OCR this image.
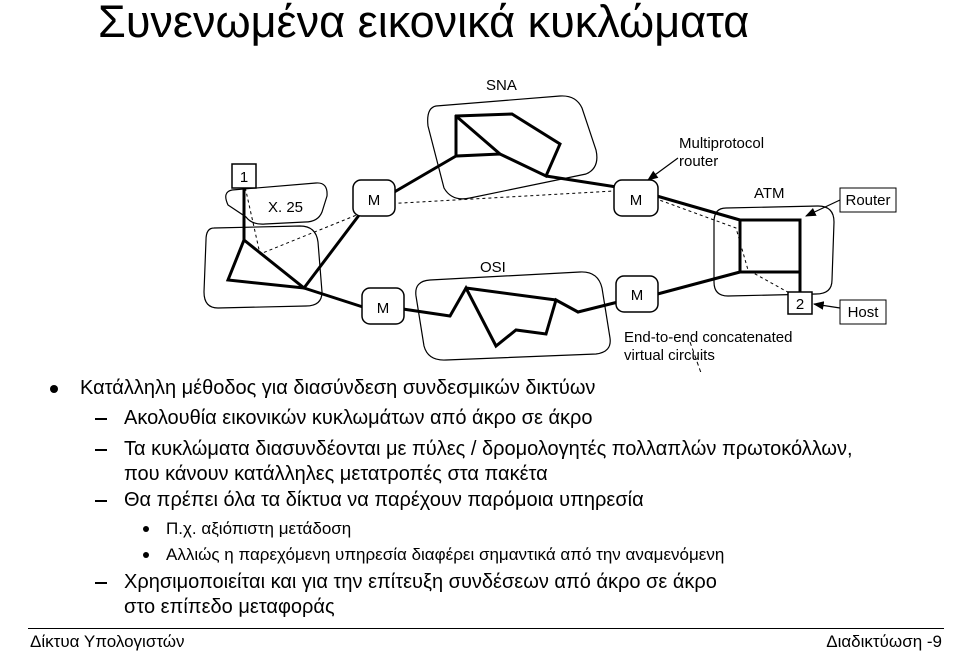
Συνενωμένα εικονικά κυκλώματα
M	M
M
M
1
2
SNA
OSI
X. 25
ATM
Multiprotocol
router
End-to-end concatenated
virtual circuits
Router
Host
Κατάλληλη μέθοδος για διασύνδεση συνδεσμικών δικτύων
Ακολουθία εικονικών κυκλωμάτων από άκρο σε άκρο
Τα κυκλώματα διασυνδέονται με πύλες / δρομολογητές πολλαπλών πρωτοκόλλων,
που κάνουν κατάλληλες μετατροπές στα πακέτα
Θα πρέπει όλα τα δίκτυα να παρέχουν παρόμοια υπηρεσία
Π.χ. αξιόπιστη μετάδοση
Αλλιώς η παρεχόμενη υπηρεσία διαφέρει σημαντικά από την αναμενόμενη
Χρησιμοποιείται και για την επίτευξη συνδέσεων από άκρο σε άκρο
στο επίπεδο μεταφοράς
Δίκτυα Υπολογιστών	Διαδικτύωση -9
